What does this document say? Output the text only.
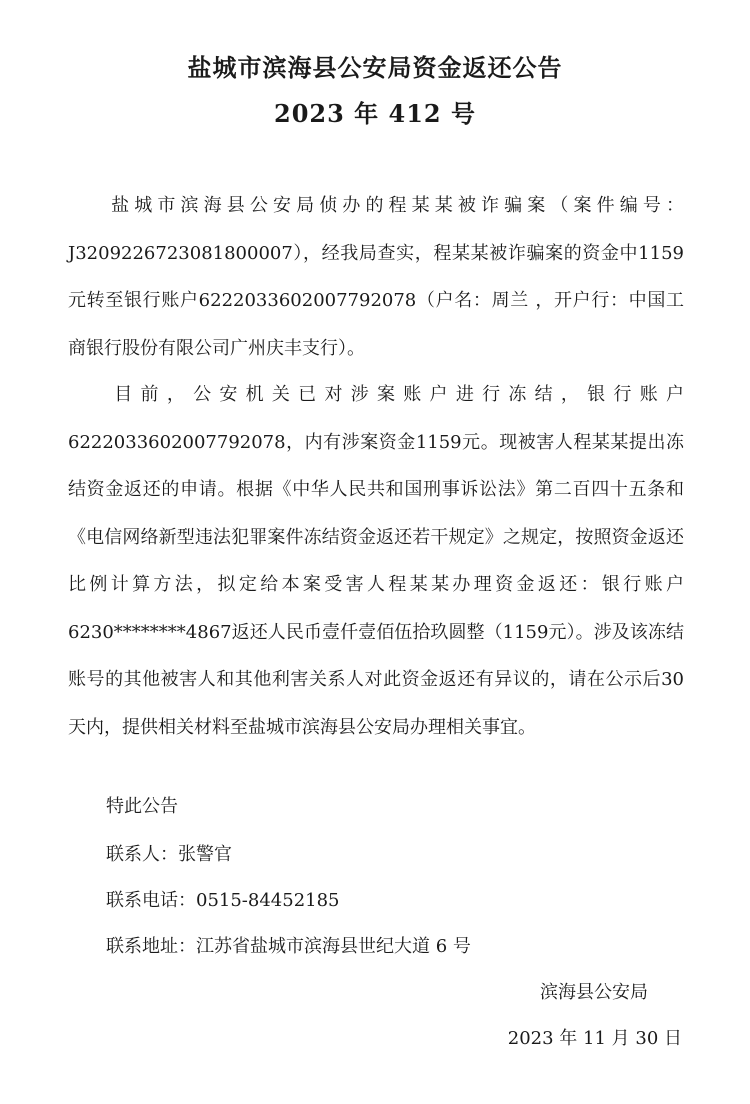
盐城市滨海县公安局资金返还公告
2023 年 412 号
盐城市滨海县公安局侦办的程某某被诈骗案（案件编号：J3209226723081800007），经我局查实，程某某被诈骗案的资金中1159元转至银行账户6222033602007792078（户名：周兰 ，开户行：中国工商银行股份有限公司广州庆丰支行）。
目前，公安机关已对涉案账户进行冻结，银行账户6222033602007792078，内有涉案资金1159元。现被害人程某某提出冻结资金返还的申请。根据《中华人民共和国刑事诉讼法》第二百四十五条和《电信网络新型违法犯罪案件冻结资金返还若干规定》之规定，按照资金返还比例计算方法，拟定给本案受害人程某某办理资金返还：银行账户6230********4867返还人民币壹仟壹佰伍拾玖圆整（1159元）。涉及该冻结账号的其他被害人和其他利害关系人对此资金返还有异议的，请在公示后30天内，提供相关材料至盐城市滨海县公安局办理相关事宜。
特此公告
联系人：张警官
联系电话：0515-84452185
联系地址：江苏省盐城市滨海县世纪大道 6 号
滨海县公安局
2023 年 11 月 30 日
